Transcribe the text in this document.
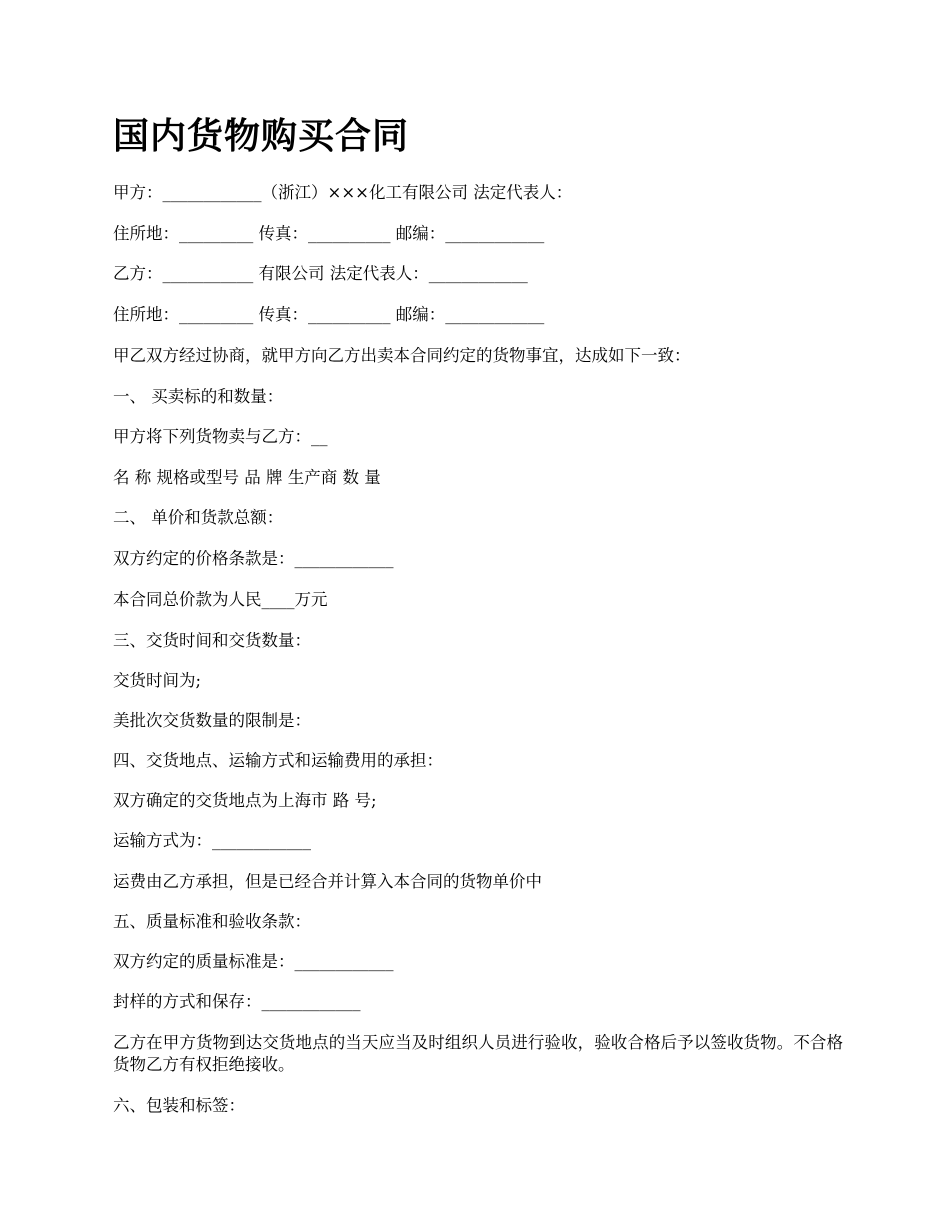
国内货物购买合同

甲方：____________（浙江）×××化工有限公司 法定代表人：

住所地：_________ 传真：__________ 邮编：____________

乙方：___________ 有限公司 法定代表人：____________

住所地：_________ 传真：__________ 邮编：____________

甲乙双方经过协商，就甲方向乙方出卖本合同约定的货物事宜，达成如下一致：

一、 买卖标的和数量：

甲方将下列货物卖与乙方：__

名 称 规格或型号 品 牌 生产商 数 量

二、 单价和货款总额：

双方约定的价格条款是：____________

本合同总价款为人民____万元

三、交货时间和交货数量：

交货时间为;

美批次交货数量的限制是：

四、交货地点、运输方式和运输费用的承担：

双方确定的交货地点为上海市 路 号;

运输方式为：____________

运费由乙方承担，但是已经合并计算入本合同的货物单价中

五、质量标准和验收条款：

双方约定的质量标准是：____________

封样的方式和保存：____________

乙方在甲方货物到达交货地点的当天应当及时组织人员进行验收，验收合格后予以签收货物。不合格货物乙方有权拒绝接收。

六、包装和标签：
